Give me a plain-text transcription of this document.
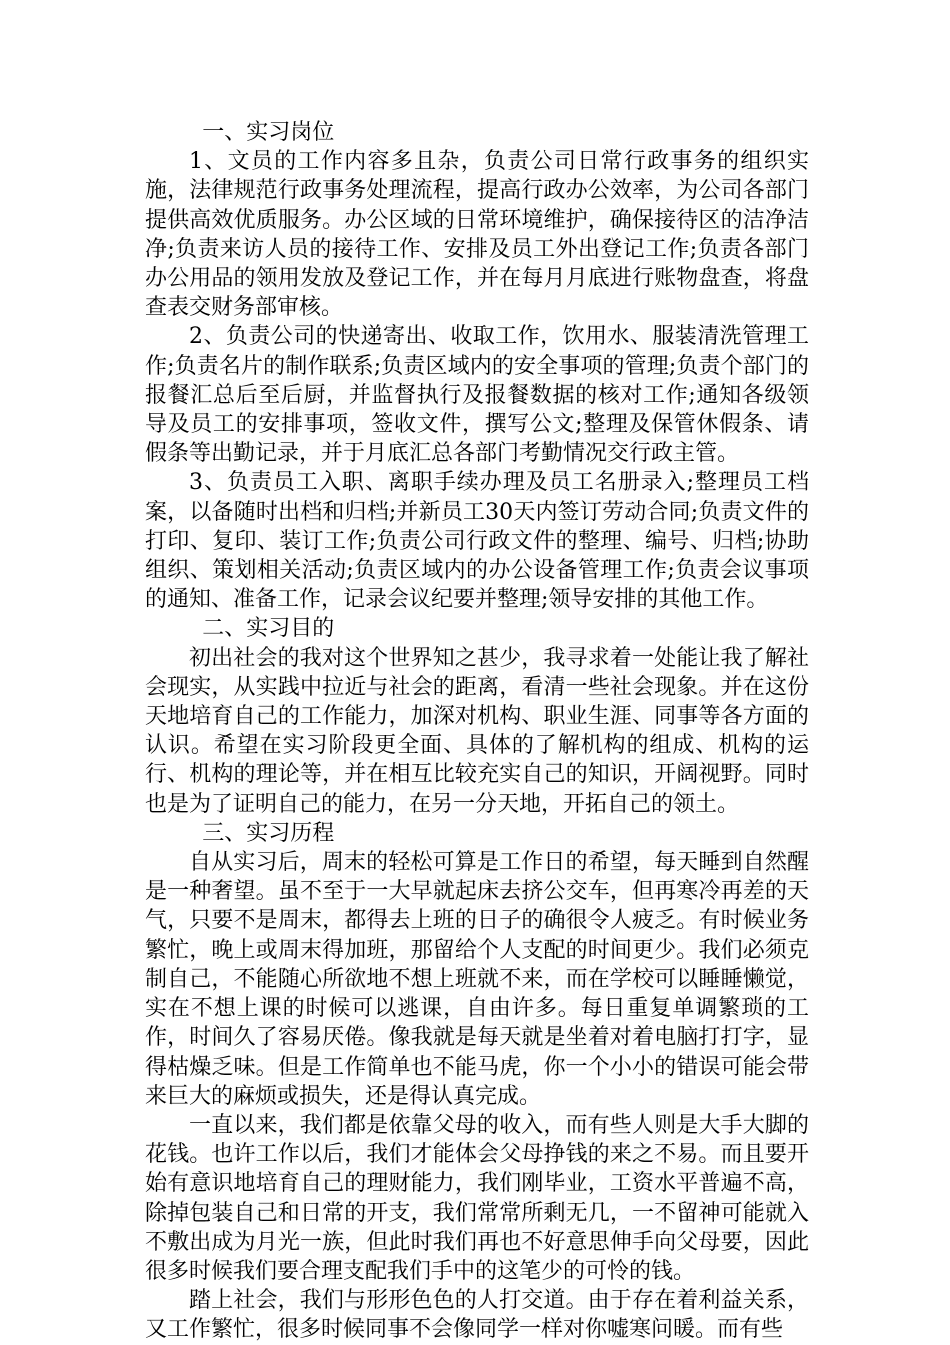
一、实习岗位

1、文员的工作内容多且杂，负责公司日常行政事务的组织实施，法律规范行政事务处理流程，提高行政办公效率，为公司各部门提供高效优质服务。办公区域的日常环境维护，确保接待区的洁净洁净;负责来访人员的接待工作、安排及员工外出登记工作;负责各部门办公用品的领用发放及登记工作，并在每月月底进行账物盘查，将盘查表交财务部审核。

2、负责公司的快递寄出、收取工作，饮用水、服装清洗管理工作;负责名片的制作联系;负责区域内的安全事项的管理;负责个部门的报餐汇总后至后厨，并监督执行及报餐数据的核对工作;通知各级领导及员工的安排事项，签收文件，撰写公文;整理及保管休假条、请假条等出勤记录，并于月底汇总各部门考勤情况交行政主管。

3、负责员工入职、离职手续办理及员工名册录入;整理员工档案，以备随时出档和归档;并新员工30天内签订劳动合同;负责文件的打印、复印、装订工作;负责公司行政文件的整理、编号、归档;协助组织、策划相关活动;负责区域内的办公设备管理工作;负责会议事项的通知、准备工作，记录会议纪要并整理;领导安排的其他工作。

二、实习目的

初出社会的我对这个世界知之甚少，我寻求着一处能让我了解社会现实，从实践中拉近与社会的距离，看清一些社会现象。并在这份天地培育自己的工作能力，加深对机构、职业生涯、同事等各方面的认识。希望在实习阶段更全面、具体的了解机构的组成、机构的运行、机构的理论等，并在相互比较充实自己的知识，开阔视野。同时也是为了证明自己的能力，在另一分天地，开拓自己的领土。

三、实习历程

自从实习后，周末的轻松可算是工作日的希望，每天睡到自然醒是一种奢望。虽不至于一大早就起床去挤公交车，但再寒冷再差的天气，只要不是周末，都得去上班的日子的确很令人疲乏。有时候业务繁忙，晚上或周末得加班，那留给个人支配的时间更少。我们必须克制自己，不能随心所欲地不想上班就不来，而在学校可以睡睡懒觉，实在不想上课的时候可以逃课，自由许多。每日重复单调繁琐的工作，时间久了容易厌倦。像我就是每天就是坐着对着电脑打打字，显得枯燥乏味。但是工作简单也不能马虎，你一个小小的错误可能会带来巨大的麻烦或损失，还是得认真完成。

一直以来，我们都是依靠父母的收入，而有些人则是大手大脚的花钱。也许工作以后，我们才能体会父母挣钱的来之不易。而且要开始有意识地培育自己的理财能力，我们刚毕业，工资水平普遍不高，除掉包装自己和日常的开支，我们常常所剩无几，一不留神可能就入不敷出成为月光一族，但此时我们再也不好意思伸手向父母要，因此很多时候我们要合理支配我们手中的这笔少的可怜的钱。

踏上社会，我们与形形色色的人打交道。由于存在着利益关系，又工作繁忙，很多时候同事不会像同学一样对你嘘寒问暖。而有些
